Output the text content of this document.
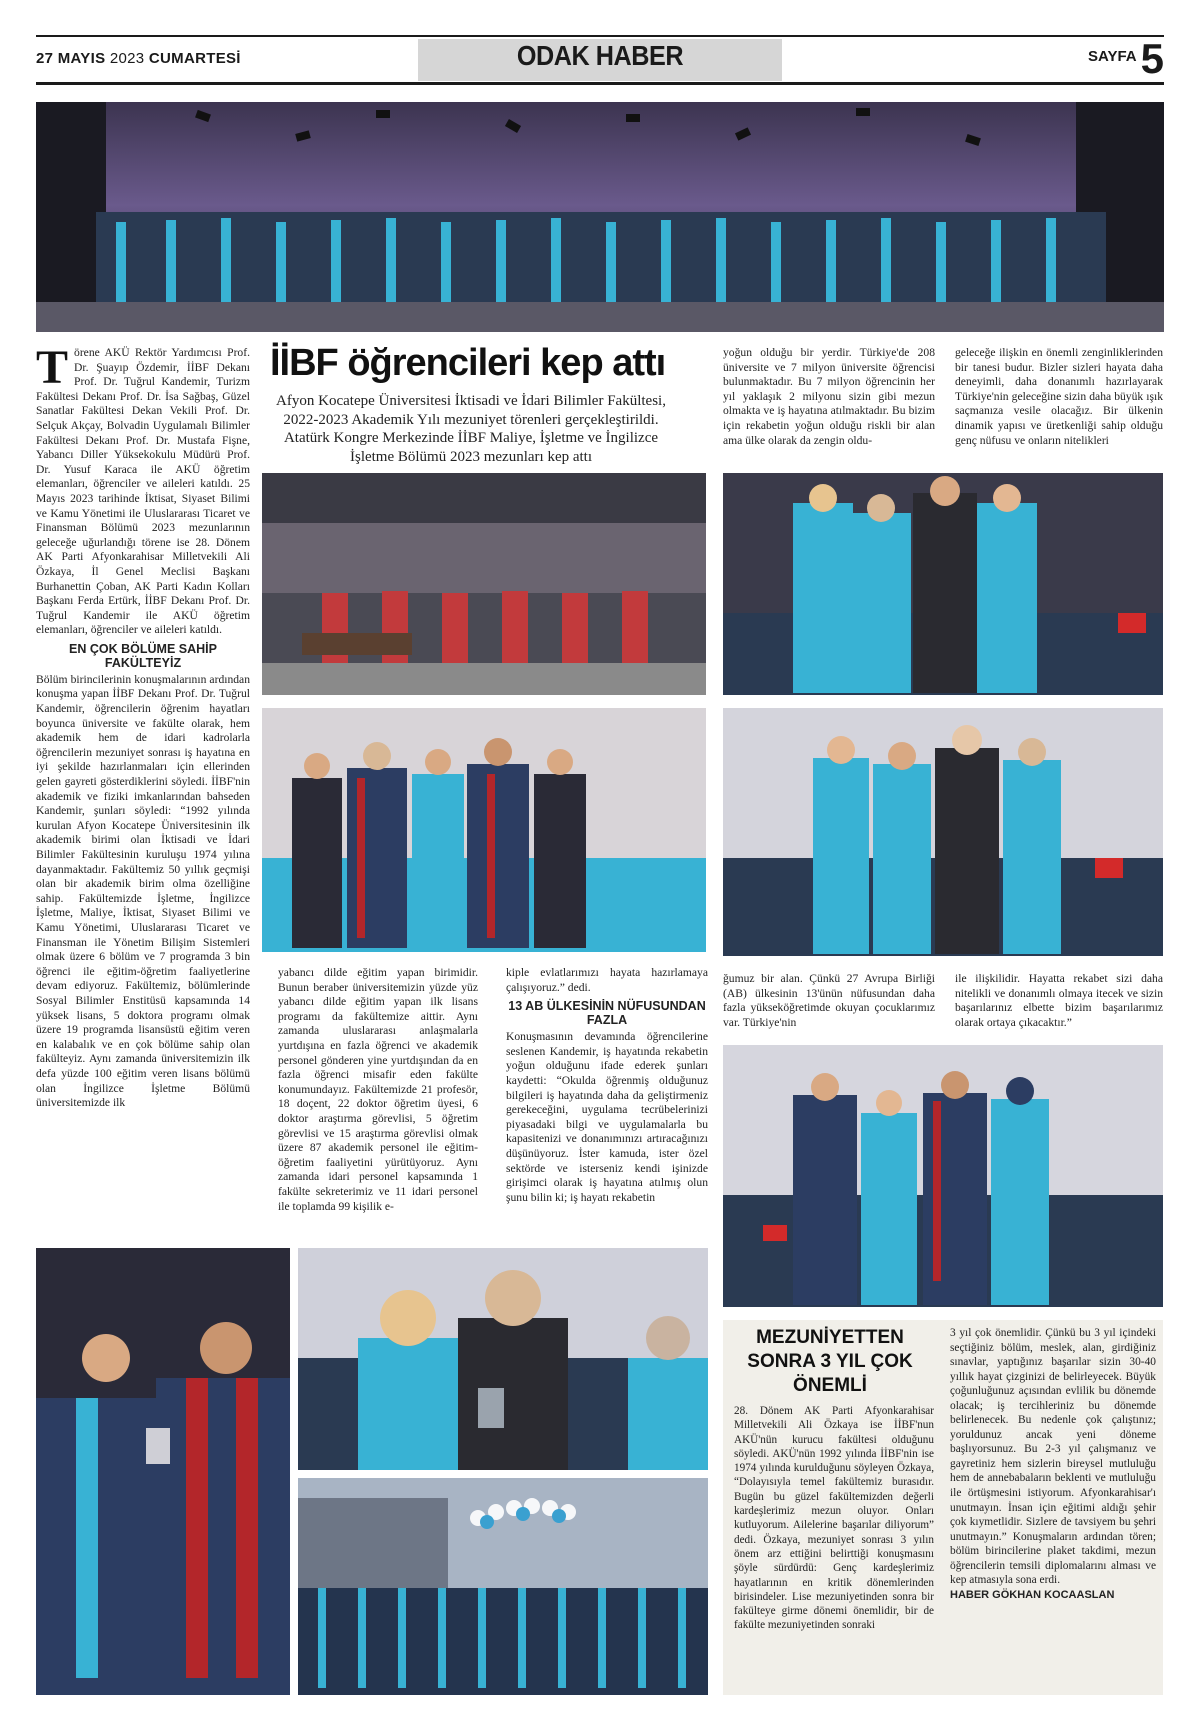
27 MAYIS 2023 CUMARTESİ	ODAK HABER	SAYFA5

Törene AKÜ Rektör Yardımcısı Prof. Dr. Şuayıp Özdemir, İİBF Dekanı Prof. Dr. Tuğrul Kandemir, Turizm Fakültesi Dekanı Prof. Dr. İsa Sağbaş, Güzel Sanatlar Fakültesi Dekan Vekili Prof. Dr. Selçuk Akçay, Bolvadin Uygulamalı Bilimler Fakültesi Dekanı Prof. Dr. Mustafa Fişne, Yabancı Diller Yüksekokulu Müdürü Prof. Dr. Yusuf Karaca ile AKÜ öğretim elemanları, öğrenciler ve aileleri katıldı. 25 Mayıs 2023 tarihinde İktisat, Siyaset Bilimi ve Kamu Yönetimi ile Uluslararası Ticaret ve Finansman Bölümü 2023 mezunlarının geleceğe uğurlandığı törene ise 28. Dönem AK Parti Afyonkarahisar Milletvekili Ali Özkaya, İl Genel Meclisi Başkanı Burhanettin Çoban, AK Parti Kadın Kolları Başkanı Ferda Ertürk, İİBF Dekanı Prof. Dr. Tuğrul Kandemir ile AKÜ öğretim elemanları, öğrenciler ve aileleri katıldı.

EN ÇOK BÖLÜME SAHİP FAKÜLTEYİZ

Bölüm birincilerinin konuşmalarının ardından konuşma yapan İİBF Dekanı Prof. Dr. Tuğrul Kandemir, öğrencilerin öğrenim hayatları boyunca üniversite ve fakülte olarak, hem akademik hem de idari kadrolarla öğrencilerin mezuniyet sonrası iş hayatına en iyi şekilde hazırlanmaları için ellerinden gelen gayreti gösterdiklerini söyledi. İİBF'nin akademik ve fiziki imkanlarından bahseden Kandemir, şunları söyledi: “1992 yılında kurulan Afyon Kocatepe Üniversitesinin ilk akademik birimi olan İktisadi ve İdari Bilimler Fakültesinin kuruluşu 1974 yılına dayanmaktadır. Fakültemiz 50 yıllık geçmişi olan bir akademik birim olma özelliğine sahip. Fakültemizde İşletme, İngilizce İşletme, Maliye, İktisat, Siyaset Bilimi ve Kamu Yönetimi, Uluslararası Ticaret ve Finansman ile Yönetim Bilişim Sistemleri olmak üzere 6 bölüm ve 7 programda 3 bin öğrenci ile eğitim-öğretim faaliyetlerine devam ediyoruz. Fakültemiz, bölümlerinde Sosyal Bilimler Enstitüsü kapsamında 14 yüksek lisans, 5 doktora programı olmak üzere 19 programda lisansüstü eğitim veren en kalabalık ve en çok bölüme sahip olan fakülteyiz. Aynı zamanda üniversitemizin ilk defa yüzde 100 eğitim veren lisans bölümü olan İngilizce İşletme Bölümü üniversitemizde ilk

İİBF öğrencileri kep attı
Afyon Kocatepe Üniversitesi İktisadi ve İdari Bilimler Fakültesi, 2022-2023 Akademik Yılı mezuniyet törenleri gerçekleştirildi. Atatürk Kongre Merkezinde İİBF Maliye, İşletme ve İngilizce İşletme Bölümü 2023 mezunları kep attı

yabancı dilde eğitim yapan birimidir. Bunun beraber üniversitemizin yüzde yüz yabancı dilde eğitim yapan ilk lisans programı da fakültemize aittir. Aynı zamanda uluslararası anlaşmalarla yurtdışına en fazla öğrenci ve akademik personel gönderen yine yurtdışından da en fazla öğrenci misafir eden fakülte konumundayız. Fakültemizde 21 profesör, 18 doçent, 22 doktor öğretim üyesi, 6 doktor araştırma görevlisi, 5 öğretim görevlisi ve 15 araştırma görevlisi olmak üzere 87 akademik personel ile eğitim-öğretim faaliyetini yürütüyoruz. Aynı zamanda idari personel kapsamında 1 fakülte sekreterimiz ve 11 idari personel ile toplamda 99 kişilik e-

kiple evlatlarımızı hayata hazırlamaya çalışıyoruz.” dedi.

13 AB ÜLKESİNİN NÜFUSUNDAN FAZLA

Konuşmasının devamında öğrencilerine seslenen Kandemir, iş hayatında rekabetin yoğun olduğunu ifade ederek şunları kaydetti: “Okulda öğrenmiş olduğunuz bilgileri iş hayatında daha da geliştirmeniz gerekeceğini, uygulama tecrübelerinizi piyasadaki bilgi ve uygulamalarla bu kapasitenizi ve donanımınızı artıracağınızı düşünüyoruz. İster kamuda, ister özel sektörde ve isterseniz kendi işinizde girişimci olarak iş hayatına atılmış olun şunu bilin ki; iş hayatı rekabetin

yoğun olduğu bir yerdir. Türkiye'de 208 üniversite ve 7 milyon üniversite öğrencisi bulunmaktadır. Bu 7 milyon öğrencinin her yıl yaklaşık 2 milyonu sizin gibi mezun olmakta ve iş hayatına atılmaktadır. Bu bizim için rekabetin yoğun olduğu riskli bir alan ama ülke olarak da zengin oldu-

geleceğe ilişkin en önemli zenginliklerinden bir tanesi budur. Bizler sizleri hayata daha deneyimli, daha donanımlı hazırlayarak Türkiye'nin geleceğine sizin daha büyük ışık saçmanıza vesile olacağız. Bir ülkenin dinamik yapısı ve üretkenliği sahip olduğu genç nüfusu ve onların nitelikleri

ğumuz bir alan. Çünkü 27 Avrupa Birliği (AB) ülkesinin 13'ünün nüfusundan daha fazla yükseköğretimde okuyan çocuklarımız var. Türkiye'nin

ile ilişkilidir. Hayatta rekabet sizi daha nitelikli ve donanımlı olmaya itecek ve sizin başarılarınız elbette bizim başarılarımız olarak ortaya çıkacaktır.”

MEZUNİYETTEN SONRA 3 YIL ÇOK ÖNEMLİ

28. Dönem AK Parti Afyonkarahisar Milletvekili Ali Özkaya ise İİBF'nun AKÜ'nün kurucu fakültesi olduğunu söyledi. AKÜ'nün 1992 yılında İİBF'nin ise 1974 yılında kurulduğunu söyleyen Özkaya, “Dolayısıyla temel fakültemiz burasıdır. Bugün bu güzel fakültemizden değerli kardeşlerimiz mezun oluyor. Onları kutluyorum. Ailelerine başarılar diliyorum” dedi. Özkaya, mezuniyet sonrası 3 yılın önem arz ettiğini belirttiği konuşmasını şöyle sürdürdü: Genç kardeşlerimiz hayatlarının en kritik dönemlerinden birisindeler. Lise mezuniyetinden sonra bir fakülteye girme dönemi önemlidir, bir de fakülte mezuniyetinden sonraki

3 yıl çok önemlidir. Çünkü bu 3 yıl içindeki seçtiğiniz bölüm, meslek, alan, girdiğiniz sınavlar, yaptığınız başarılar sizin 30-40 yıllık hayat çizginizi de belirleyecek. Büyük çoğunluğunuz açısından evlilik bu dönemde olacak; iş tercihleriniz bu dönemde belirlenecek. Bu nedenle çok çalıştınız; yoruldunuz ancak yeni döneme başlıyorsunuz. Bu 2-3 yıl çalışmanız ve gayretiniz hem sizlerin bireysel mutluluğu hem de annebabaların beklenti ve mutluluğu ile örtüşmesini istiyorum. Afyonkarahisar'ı unutmayın. İnsan için eğitimi aldığı şehir çok kıymetlidir. Sizlere de tavsiyem bu şehri unutmayın.” Konuşmaların ardından tören; bölüm birincilerine plaket takdimi, mezun öğrencilerin temsili diplomalarını alması ve kep atmasıyla sona erdi.

HABER GÖKHAN KOCAASLAN
